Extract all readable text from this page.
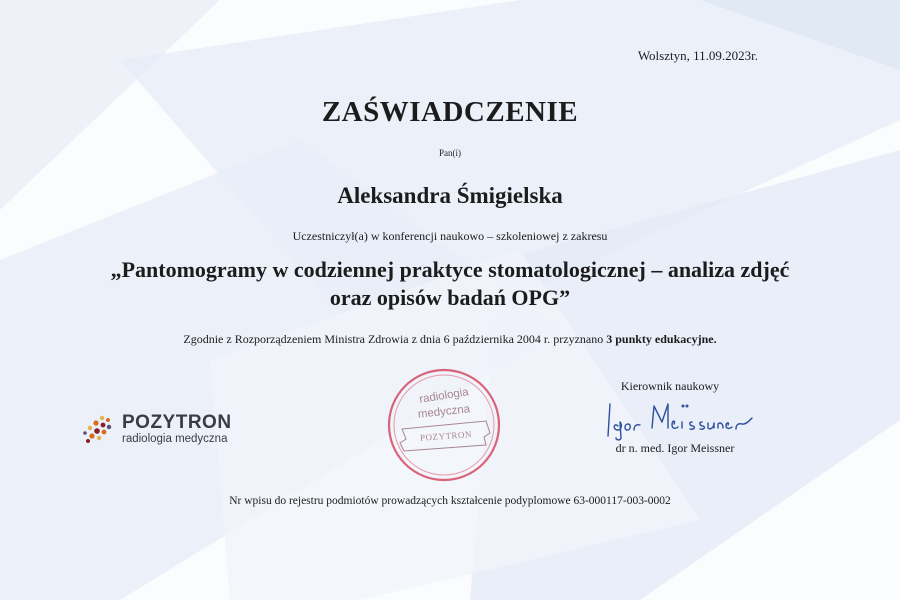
Wolsztyn, 11.09.2023r.
ZAŚWIADCZENIE
Pan(i)
Aleksandra Śmigielska
Uczestniczył(a) w konferencji naukowo – szkoleniowej z zakresu
„Pantomogramy w codziennej praktyce stomatologicznej – analiza zdjęć
oraz opisów badań OPG”
Zgodnie z Rozporządzeniem Ministra Zdrowia z dnia 6 października 2004 r. przyznano 3 punkty edukacyjne.
POZYTRON
radiologia medyczna
radiologia
medyczna
POZYTRON
Kierownik naukowy
dr n. med. Igor Meissner
Nr wpisu do rejestru podmiotów prowadzących kształcenie podyplomowe 63-000117-003-0002
